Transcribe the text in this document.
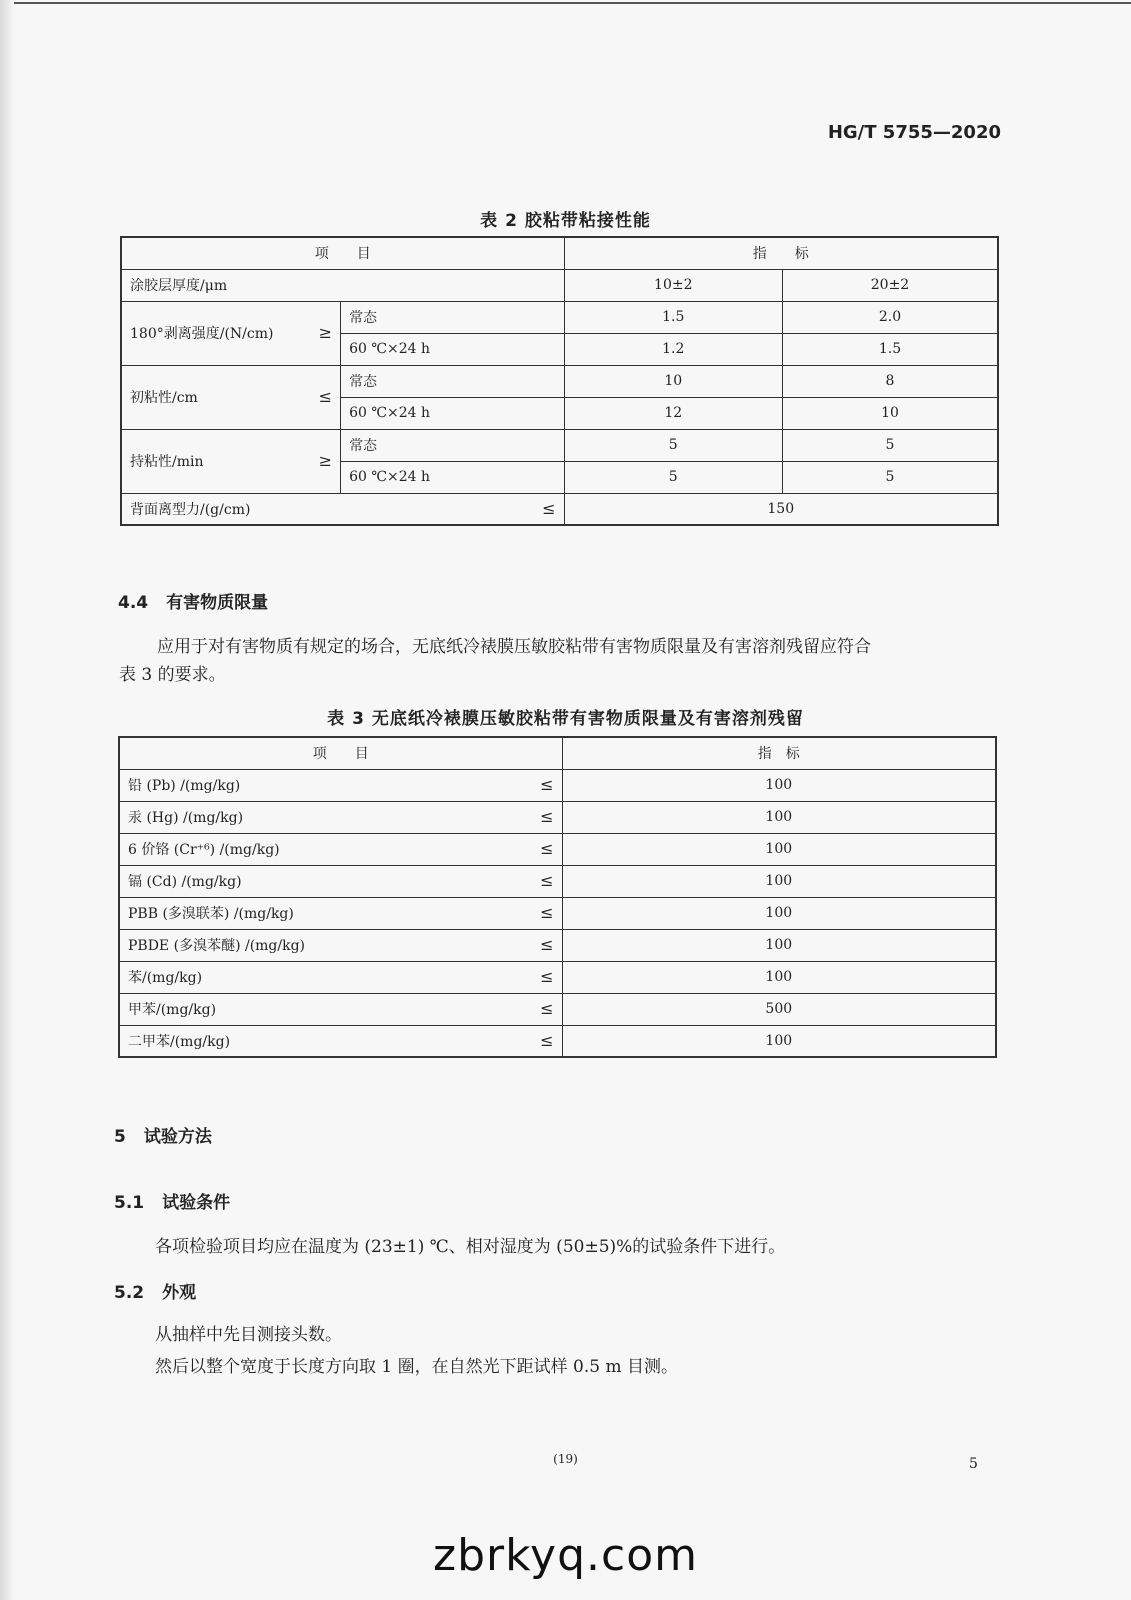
HG/T 5755—2020
表 2 胶粘带粘接性能
项　　目		指　　标	
涂胶层厚度/μm		10±2	20±2
180°剥离强度/(N/cm) ≥	常态	1.5	2.0
	60 ℃×24 h	1.2	1.5
初粘性/cm ≤	常态	10	8
	60 ℃×24 h	12	10
持粘性/min ≥	常态	5	5
	60 ℃×24 h	5	5
背面离型力/(g/cm) ≤		150	
4.4 有害物质限量
应用于对有害物质有规定的场合，无底纸冷裱膜压敏胶粘带有害物质限量及有害溶剂残留应符合
表 3 的要求。
表 3 无底纸冷裱膜压敏胶粘带有害物质限量及有害溶剂残留
项　　目	指　标
铅 (Pb) /(mg/kg) ≤	100
汞 (Hg) /(mg/kg) ≤	100
6 价铬 (Cr⁺⁶) /(mg/kg) ≤	100
镉 (Cd) /(mg/kg) ≤	100
PBB (多溴联苯) /(mg/kg) ≤	100
PBDE (多溴苯醚) /(mg/kg) ≤	100
苯/(mg/kg) ≤	100
甲苯/(mg/kg) ≤	500
二甲苯/(mg/kg) ≤	100
5 试验方法
5.1 试验条件
各项检验项目均应在温度为 (23±1) ℃、相对湿度为 (50±5)%的试验条件下进行。
5.2 外观
从抽样中先目测接头数。
然后以整个宽度于长度方向取 1 圈，在自然光下距试样 0.5 m 目测。
(19)	5
zbrkyq.com
